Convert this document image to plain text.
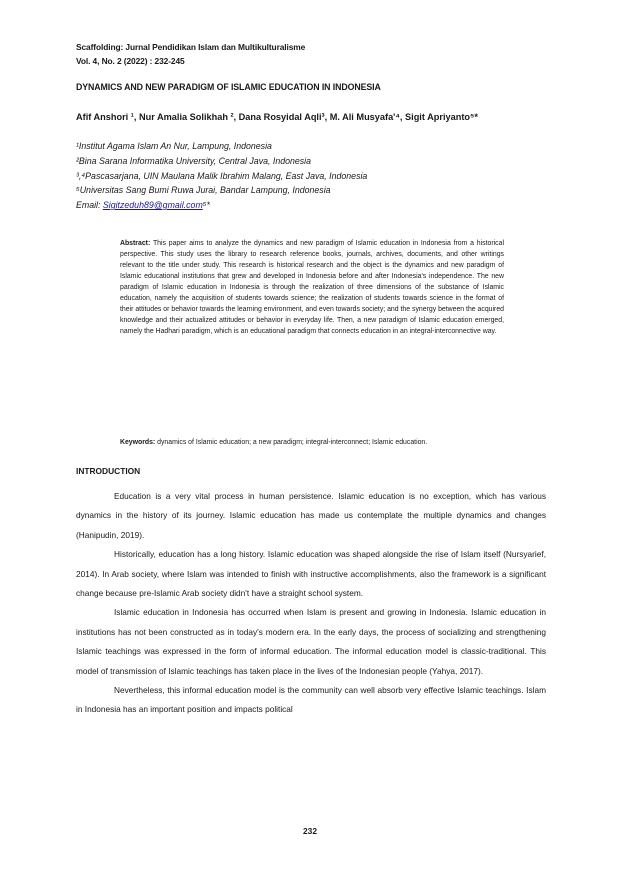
Scaffolding: Jurnal Pendidikan Islam dan Multikulturalisme
Vol. 4, No. 2 (2022) : 232-245
DYNAMICS AND NEW PARADIGM OF ISLAMIC EDUCATION IN INDONESIA
Afif Anshori ¹, Nur Amalia Solikhah ², Dana Rosyidal Aqli³, M. Ali Musyafa'⁴, Sigit Apriyanto⁵*
¹Institut Agama Islam An Nur, Lampung, Indonesia
²Bina Sarana Informatika University, Central Java, Indonesia
³,⁴Pascasarjana, UIN Maulana Malik Ibrahim Malang, East Java, Indonesia
⁵Universitas Sang Bumi Ruwa Jurai, Bandar Lampung, Indonesia
Email: Sigitzeduh89@gmail.com⁵*
Abstract: This paper aims to analyze the dynamics and new paradigm of Islamic education in Indonesia from a historical perspective. This study uses the library to research reference books, journals, archives, documents, and other writings relevant to the title under study. This research is historical research and the object is the dynamics and new paradigm of Islamic educational institutions that grew and developed in Indonesia before and after Indonesia's independence. The new paradigm of Islamic education in Indonesia is through the realization of three dimensions of the substance of Islamic education, namely the acquisition of students towards science; the realization of students towards science in the format of their attitudes or behavior towards the learning environment, and even towards society; and the synergy between the acquired knowledge and their actualized attitudes or behavior in everyday life. Then, a new paradigm of Islamic education emerged, namely the Hadhari paradigm, which is an educational paradigm that connects education in an integral-interconnective way.
Keywords: dynamics of Islamic education; a new paradigm; integral-interconnect; Islamic education.
INTRODUCTION

Education is a very vital process in human persistence. Islamic education is no exception, which has various dynamics in the history of its journey. Islamic education has made us contemplate the multiple dynamics and changes (Hanipudin, 2019).

Historically, education has a long history. Islamic education was shaped alongside the rise of Islam itself (Nursyarief, 2014). In Arab society, where Islam was intended to finish with instructive accomplishments, also the framework is a significant change because pre-Islamic Arab society didn't have a straight school system.

Islamic education in Indonesia has occurred when Islam is present and growing in Indonesia. Islamic education in institutions has not been constructed as in today's modern era. In the early days, the process of socializing and strengthening Islamic teachings was expressed in the form of informal education. The informal education model is classic-traditional. This model of transmission of Islamic teachings has taken place in the lives of the Indonesian people (Yahya, 2017).

Nevertheless, this informal education model is the community can well absorb very effective Islamic teachings. Islam in Indonesia has an important position and impacts political

232
